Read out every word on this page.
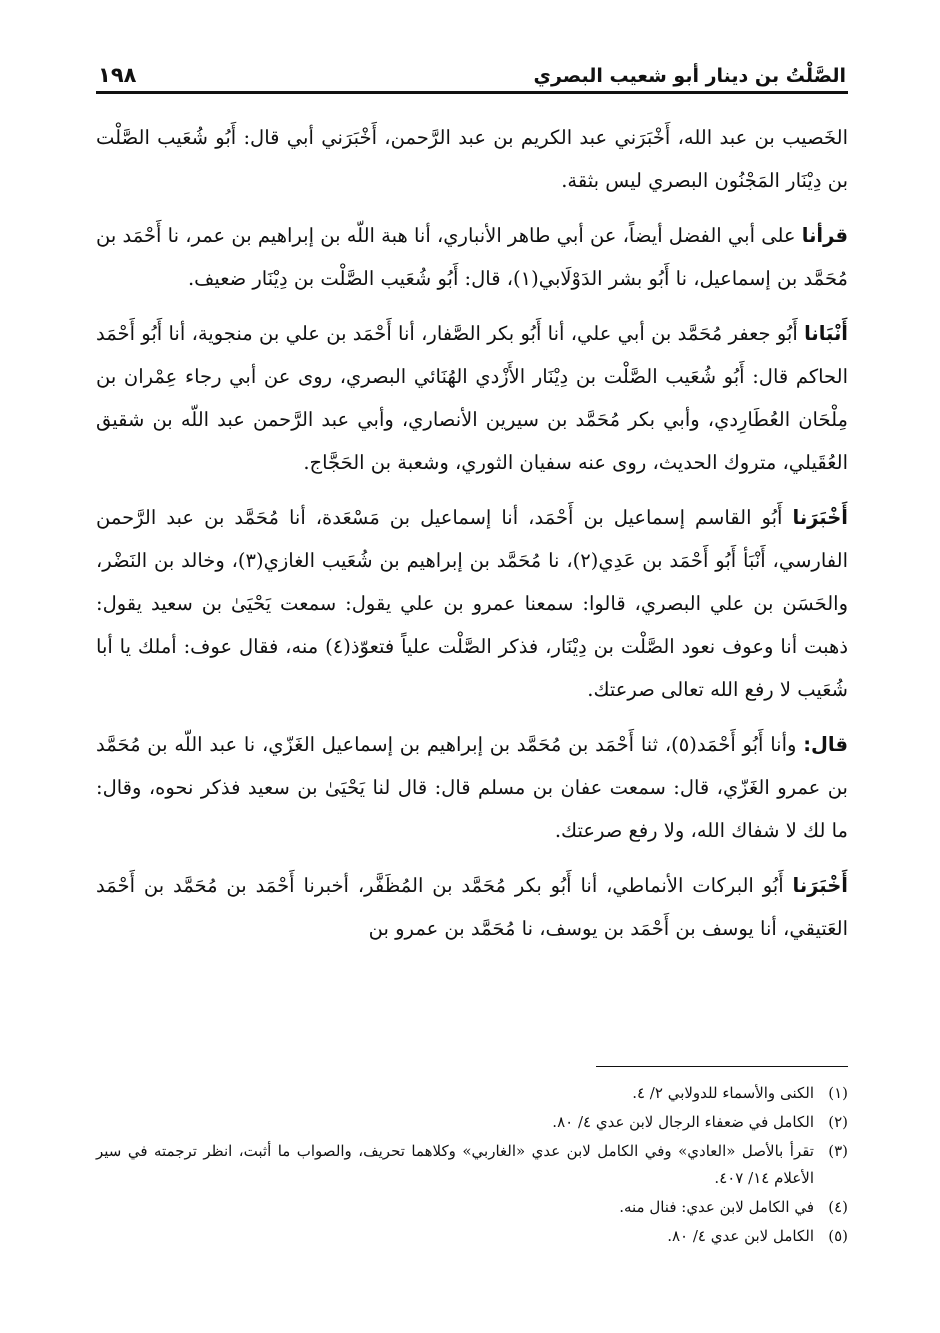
الصَّلْتُ بن دينار أبو شعيب البصري
١٩٨

الخَصيب بن عبد الله، أَخْبَرَني عبد الكريم بن عبد الرَّحمن، أَخْبَرَني أبي قال: أَبُو شُعَيب الصَّلْت بن دِيْنَار المَجْنُون البصري ليس بثقة.

قرأنا على أبي الفضل أيضاً، عن أبي طاهر الأنباري، أنا هبة اللّه بن إبراهيم بن عمر، نا أَحْمَد بن مُحَمَّد بن إسماعيل، نا أَبُو بشر الدَوْلَابي(١)، قال: أَبُو شُعَيب الصَّلْت بن دِيْنَار ضعيف.

أَنْبَانا أَبُو جعفر مُحَمَّد بن أبي علي، أنا أَبُو بكر الصَّفار، أنا أَحْمَد بن علي بن منجوية، أنا أَبُو أَحْمَد الحاكم قال: أَبُو شُعَيب الصَّلْت بن دِيْنَار الأَزْدي الهُنَائي البصري، روى عن أبي رجاء عِمْران بن مِلْحَان العُطَارِدي، وأبي بكر مُحَمَّد بن سيرين الأنصاري، وأبي عبد الرَّحمن عبد اللّه بن شقيق العُقَيلي، متروك الحديث، روى عنه سفيان الثوري، وشعبة بن الحَجَّاج.

أَخْبَرَنا أَبُو القاسم إسماعيل بن أَحْمَد، أنا إسماعيل بن مَسْعَدة، أنا مُحَمَّد بن عبد الرَّحمن الفارسي، أَنْبَأ أَبُو أَحْمَد بن عَدِي(٢)، نا مُحَمَّد بن إبراهيم بن شُعَيب الغازي(٣)، وخالد بن النَضْر، والحَسَن بن علي البصري، قالوا: سمعنا عمرو بن علي يقول: سمعت يَحْيَىٰ بن سعيد يقول: ذهبت أنا وعوف نعود الصَّلْت بن دِيْنَار، فذكر الصَّلْت علياً فتعوّذ(٤) منه، فقال عوف: أملك يا أبا شُعَيب لا رفع الله تعالى صرعتك.

قال: وأنا أَبُو أَحْمَد(٥)، ثنا أَحْمَد بن مُحَمَّد بن إبراهيم بن إسماعيل الغَزّي، نا عبد اللّه بن مُحَمَّد بن عمرو الغَزّي، قال: سمعت عفان بن مسلم قال: قال لنا يَحْيَىٰ بن سعيد فذكر نحوه، وقال: ما لك لا شفاك الله، ولا رفع صرعتك.

أَخْبَرَنا أَبُو البركات الأنماطي، أنا أَبُو بكر مُحَمَّد بن المُظَفَّر، أخبرنا أَحْمَد بن مُحَمَّد بن أَحْمَد العَتيقي، أنا يوسف بن أَحْمَد بن يوسف، نا مُحَمَّد بن عمرو بن

(١)
الكنى والأسماء للدولابي ٢/ ٤.
(٢)
الكامل في ضعفاء الرجال لابن عدي ٤/ ٨٠.
(٣)
تقرأ بالأصل «العادي» وفي الكامل لابن عدي «الغاربي» وكلاهما تحريف، والصواب ما أثبت، انظر ترجمته في سير الأعلام ١٤/ ٤٠٧.
(٤)
في الكامل لابن عدي: فنال منه.
(٥)
الكامل لابن عدي ٤/ ٨٠.
